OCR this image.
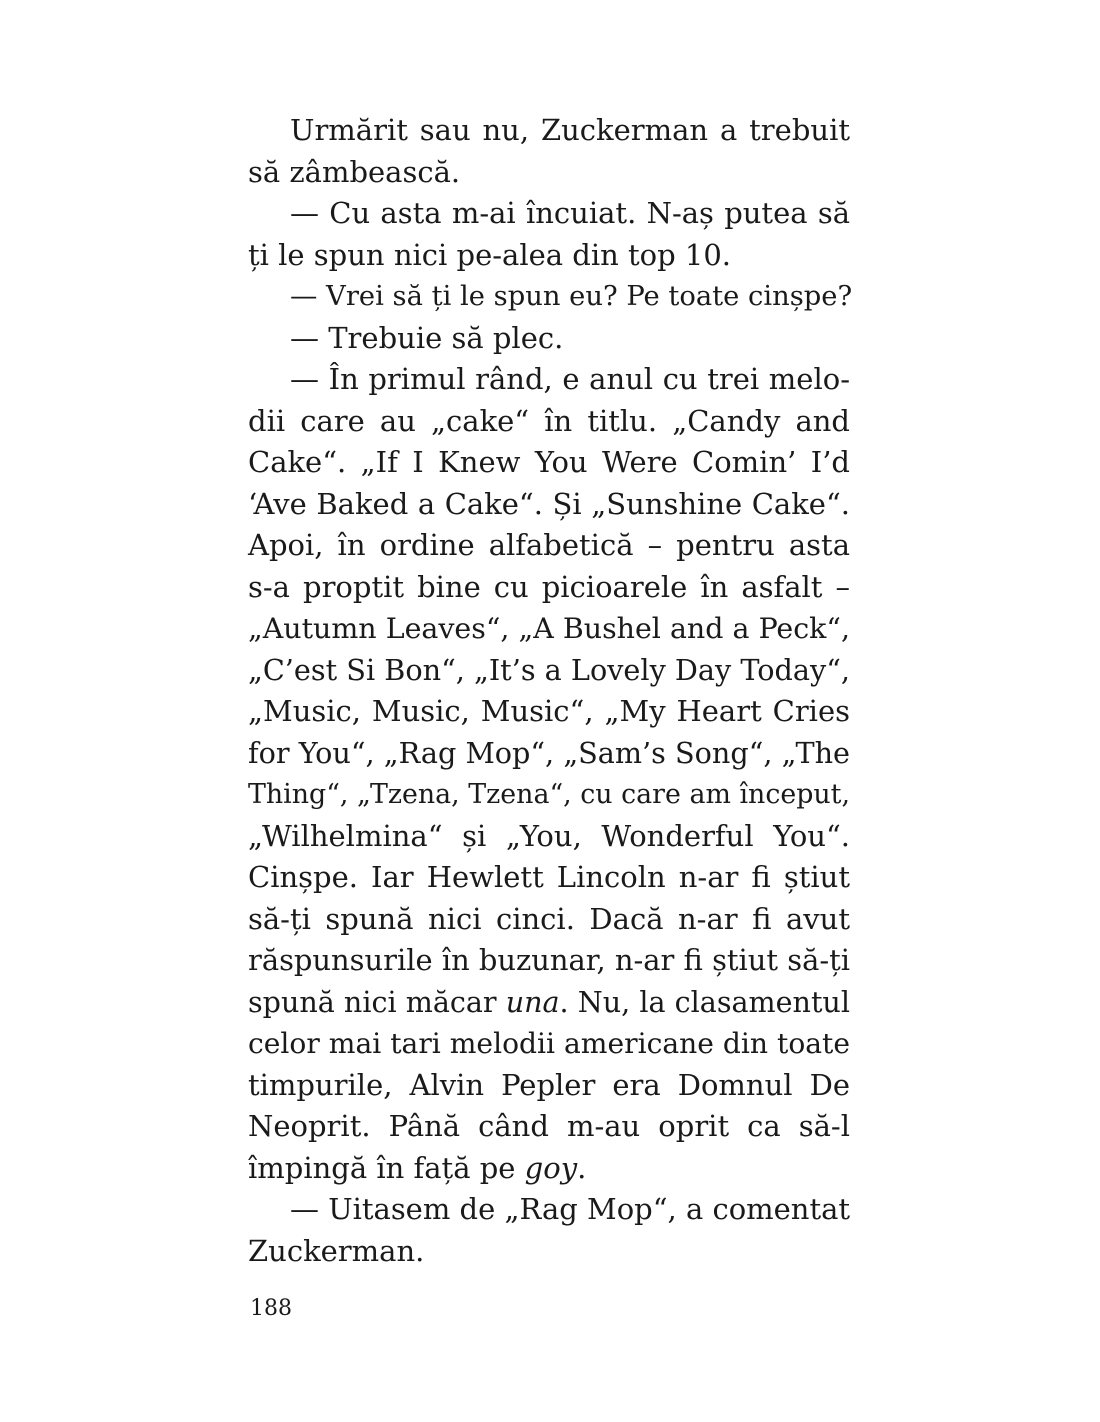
Urmărit sau nu, Zuckerman a trebuit
să zâmbească.
— Cu asta m-ai încuiat. N-aș putea să
ți le spun nici pe-alea din top 10.
— Vrei să ți le spun eu? Pe toate cinșpe?
— Trebuie să plec.
— În primul rând, e anul cu trei melo-
dii care au „cake“ în titlu. „Candy and
Cake“. „If I Knew You Were Comin’ I’d
‘Ave Baked a Cake“. Și „Sunshine Cake“.
Apoi, în ordine alfabetică – pentru asta
s-a proptit bine cu picioarele în asfalt –
„Autumn Leaves“, „A Bushel and a Peck“,
„C’est Si Bon“, „It’s a Lovely Day Today“,
„Music, Music, Music“, „My Heart Cries
for You“, „Rag Mop“, „Sam’s Song“, „The
Thing“, „Tzena, Tzena“, cu care am început,
„Wilhelmina“ și „You, Wonderful You“.
Cinșpe. Iar Hewlett Lincoln n-ar fi știut
să-ți spună nici cinci. Dacă n-ar fi avut
răspunsurile în buzunar, n-ar fi știut să-ți
spună nici măcar una. Nu, la clasamentul
celor mai tari melodii americane din toate
timpurile, Alvin Pepler era Domnul De
Neoprit. Până când m-au oprit ca să-l
împingă în față pe goy.
— Uitasem de „Rag Mop“, a comentat
Zuckerman.
188
